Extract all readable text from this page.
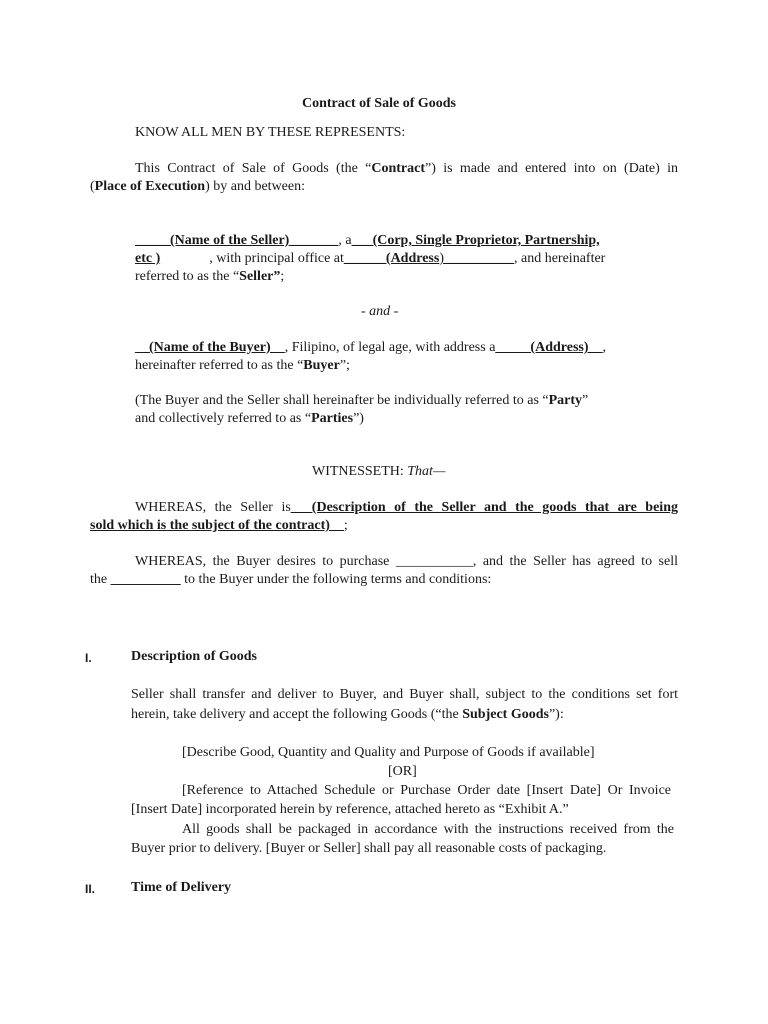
Contract of Sale of Goods
KNOW ALL MEN BY THESE REPRESENTS:
This Contract of Sale of Goods (the “Contract”) is made and entered into on (Date) in
(Place of Execution) by and between:
_____(Name of the Seller)_______, a___(Corp, Single Proprietor, Partnership,
etc )_______, with principal office at______(Address)__________, and hereinafter
referred to as the “Seller”;
- and -
__(Name of the Buyer)__, Filipino, of legal age, with address a_____(Address)__,
hereinafter referred to as the “Buyer”;
(The Buyer and the Seller shall hereinafter be individually referred to as “Party”
and collectively referred to as “Parties”)
WITNESSETH: That—
WHEREAS, the Seller is___(Description of the Seller and the goods that are being
sold which is the subject of the contract)__;
WHEREAS, the Buyer desires to purchase ___________, and the Seller has agreed to sell
the __________ to the Buyer under the following terms and conditions:
I.	Description of Goods
Seller shall transfer and deliver to Buyer, and Buyer shall, subject to the conditions set fort
herein, take delivery and accept the following Goods (“the Subject Goods”):
[Describe Good, Quantity and Quality and Purpose of Goods if available]
[OR]
[Reference to Attached Schedule or Purchase Order date [Insert Date] Or Invoice
[Insert Date] incorporated herein by reference, attached hereto as “Exhibit A.”
All goods shall be packaged in accordance with the instructions received from the
Buyer prior to delivery. [Buyer or Seller] shall pay all reasonable costs of packaging.
II.	Time of Delivery
